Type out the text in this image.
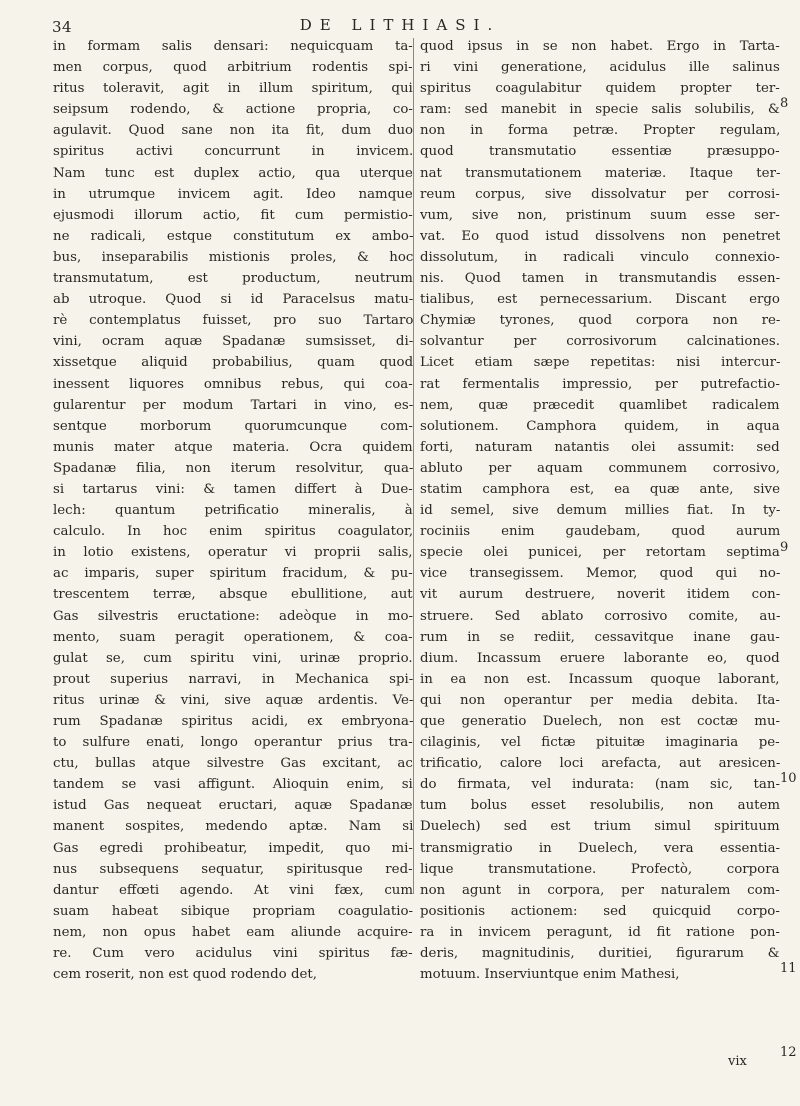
34	DE LITHIASI.
in formam salis densari: nequicquam ta-
men corpus, quod arbitrium rodentis spi-
ritus toleravit, agit in illum spiritum, qui
seipsum rodendo, & actione propria, co-
agulavit. Quod sane non ita fit, dum duo
spiritus activi concurrunt in invicem.
Nam tunc est duplex actio, qua uterque
in utrumque invicem agit. Ideo namque
ejusmodi illorum actio, fit cum permistio-
ne radicali, estque constitutum ex ambo-
bus, inseparabilis mistionis proles, & hoc
transmutatum, est productum, neutrum
ab utroque. Quod si id Paracelsus matu-
rè contemplatus fuisset, pro suo Tartaro
vini, ocram aquæ Spadanæ sumsisset, di-
xissetque aliquid probabilius, quam quod
inessent liquores omnibus rebus, qui coa-
gularentur per modum Tartari in vino, es-
sentque morborum quorumcunque com-
munis mater atque materia. Ocra quidem
Spadanæ filia, non iterum resolvitur, qua-
si tartarus vini: & tamen differt à Due-
lech: quantum petrificatio mineralis, à
calculo. In hoc enim spiritus coagulator,
in lotio existens, operatur vi proprii salis,
ac imparis, super spiritum fracidum, & pu-
trescentem terræ, absque ebullitione, aut
Gas silvestris eructatione: adeòque in mo-
mento, suam peragit operationem, & coa-
gulat se, cum spiritu vini, urinæ proprio.
prout superius narravi, in Mechanica spi-
ritus urinæ & vini, sive aquæ ardentis. Ve-
rum Spadanæ spiritus acidi, ex embryona-
to sulfure enati, longo operantur prius tra-
ctu, bullas atque silvestre Gas excitant, ac
tandem se vasi affigunt. Alioquin enim, si
istud Gas nequeat eructari, aquæ Spadanæ
manent sospites, medendo aptæ. Nam si
Gas egredi prohibeatur, impedit, quo mi-
nus subsequens sequatur, spiritusque red-
dantur effœti agendo. At vini fæx, cum
suam habeat sibique propriam coagulatio-
nem, non opus habet eam aliunde acquire-
re. Cum vero acidulus vini spiritus fæ-
cem roserit, non est quod rodendo det,
quod ipsus in se non habet. Ergo in Tarta-
ri vini generatione, acidulus ille salinus
spiritus coagulabitur quidem propter ter-
ram: sed manebit in specie salis solubilis, &
non in forma petræ. Propter regulam,
quod transmutatio essentiæ præsuppo-
nat transmutationem materiæ. Itaque ter-
reum corpus, sive dissolvatur per corrosi-
vum, sive non, pristinum suum esse ser-
vat. Eo quod istud dissolvens non penetret
dissolutum, in radicali vinculo connexio-
nis. Quod tamen in transmutandis essen-
tialibus, est pernecessarium. Discant ergo
Chymiæ tyrones, quod corpora non re-
solvantur per corrosivorum calcinationes.
Licet etiam sæpe repetitas: nisi intercur-
rat fermentalis impressio, per putrefactio-
nem, quæ præcedit quamlibet radicalem
solutionem. Camphora quidem, in aqua
forti, naturam natantis olei assumit: sed
abluto per aquam communem corrosivo,
statim camphora est, ea quæ ante, sive
id semel, sive demum millies fiat. In ty-
rociniis enim gaudebam, quod aurum
specie olei punicei, per retortam septima
vice transegissem. Memor, quod qui no-
vit aurum destruere, noverit itidem con-
struere. Sed ablato corrosivo comite, au-
rum in se rediit, cessavitque inane gau-
dium. Incassum eruere laborante eo, quod
in ea non est. Incassum quoque laborant,
qui non operantur per media debita. Ita-
que generatio Duelech, non est coctæ mu-
cilaginis, vel fictæ pituitæ imaginaria pe-
trificatio, calore loci arefacta, aut aresicen-
do firmata, vel indurata: (nam sic, tan-
tum bolus esset resolubilis, non autem
Duelech) sed est trium simul spirituum
transmigratio in Duelech, vera essentia-
lique transmutatione. Profectò, corpora
non agunt in corpora, per naturalem com-
positionis actionem: sed quicquid corpo-
ra in invicem peragunt, id fit ratione pon-
deris, magnitudinis, duritiei, figurarum &
motuum. Inserviuntque enim Mathesi,
8
9
10
11
12
vix
